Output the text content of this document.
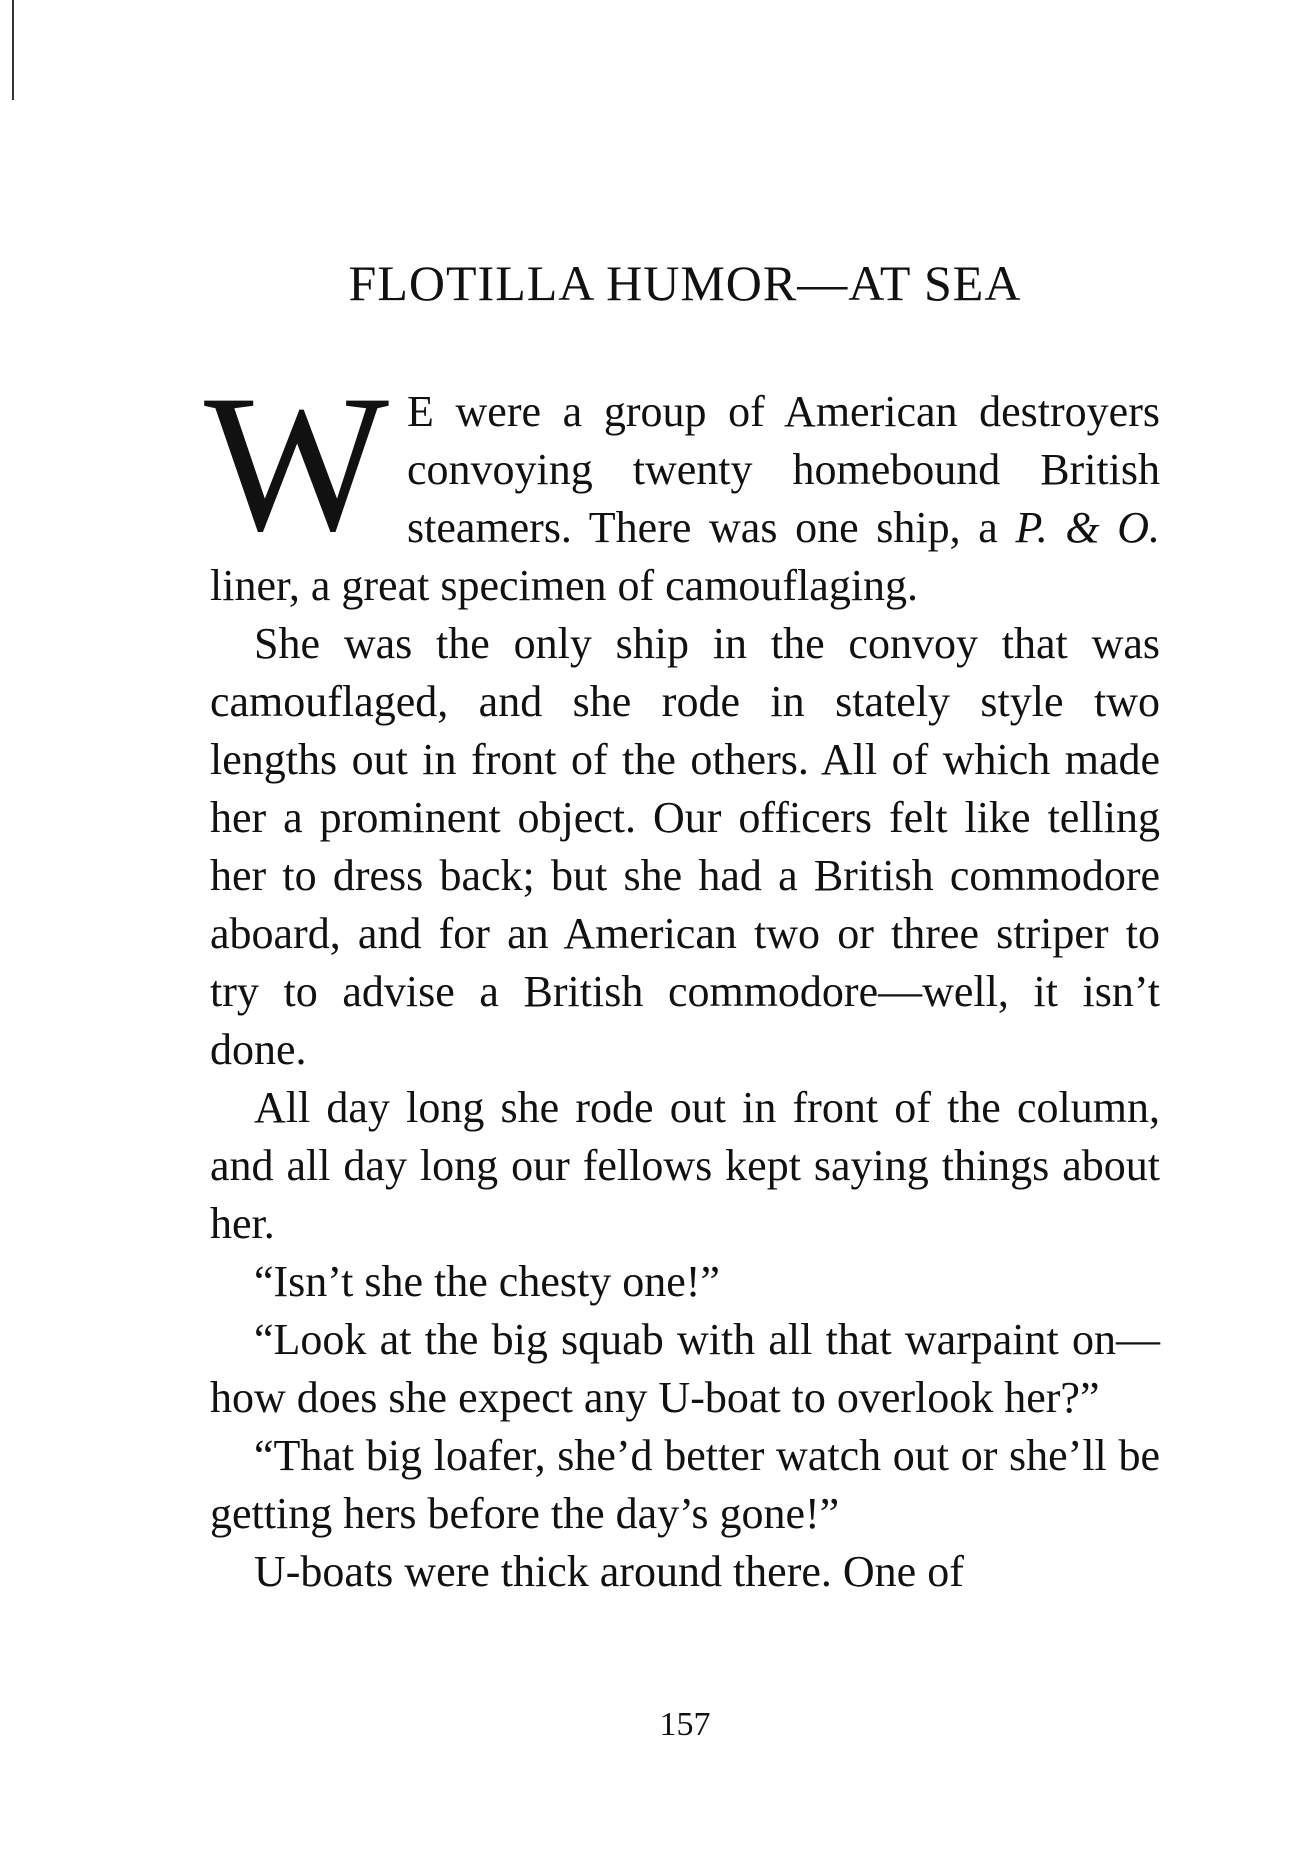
FLOTILLA HUMOR—AT SEA

W E were a group of American destroyers convoying twenty homebound British steamers. There was one ship, a P. & O. liner, a great specimen of camouflaging.

She was the only ship in the convoy that was camouflaged, and she rode in stately style two lengths out in front of the others. All of which made her a prominent object. Our officers felt like telling her to dress back; but she had a British commodore aboard, and for an American two or three striper to try to advise a British commodore—well, it isn’t done.

All day long she rode out in front of the column, and all day long our fellows kept saying things about her.

“Isn’t she the chesty one!”

“Look at the big squab with all that warpaint on—how does she expect any U-boat to overlook her?”

“That big loafer, she’d better watch out or she’ll be getting hers before the day’s gone!”

U-boats were thick around there. One of

157
